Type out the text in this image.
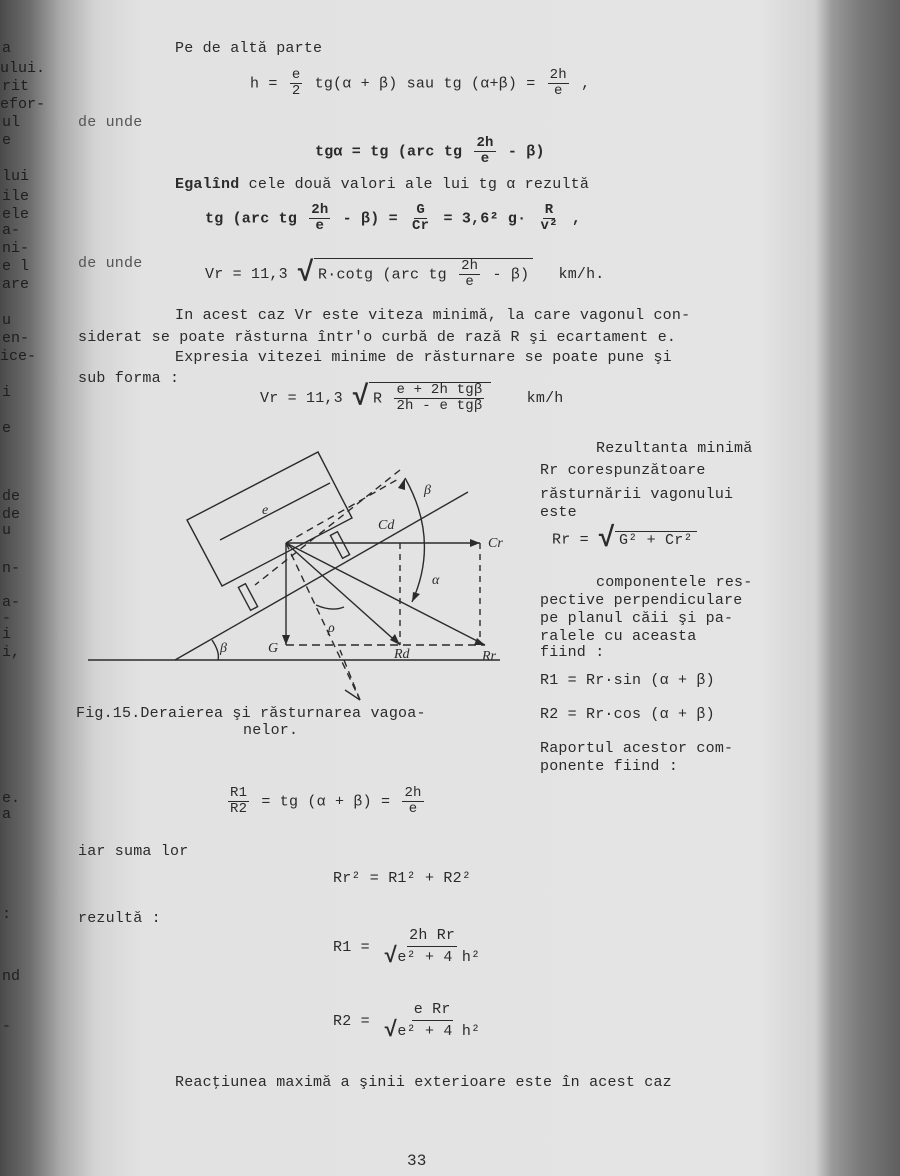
a
ului.
rit
efor-
ul
e
lui
ile
ele
a-
ni-
e l
are
u
en-
ice-
i
e
de
de
u
n-
a-
-
i
i,
e.
a
:
nd
-
Pe de altă parte
$h = \frac{e}{2} tg(\alpha + \beta)$ sau tg $(\alpha+\beta) = \frac{2h}{e}$ ,
de unde
tgα = tg (arc tg $\frac{2h}{e} - \beta$)
Egalînd cele două valori ale lui tg α rezultă
tg (arc tg $\frac{2h}{e} - \beta) = \frac{G}{Cr} = 3,6^2$ $g\cdot \frac{R}{\text{v²}}$ ,
de unde
Vr = 11,3 √ R·cotg (arc tg $\frac{2h}{e} - \beta$) km/h.
In acest caz Vr este viteza minimă, la care vagonul con-
siderat se poate răsturna într'o curbă de rază R şi ecartament e.
Expresia vitezei minime de răsturnare se poate pune şi
sub forma :
Vr = 11,3 √ R $\frac{\text{e + 2h tgβ}}{\text{2h - e tgβ}}$	km/h
Rezultanta minimă
Rr corespunzătoare
răsturnării vagonului
este
Rr = √ G² + Cr²
componentele res-
pective perpendiculare
pe planul căii şi pa-
ralele cu aceasta
fiind :
R1 = Rr·sin (α + β)
R2 = Rr·cos (α + β)
Raportul acestor com-
ponente fiind :
e
Cd
Cr
β
α
ρ
G	Rd	Rr
β
Fig.15.Deraierea şi răsturnarea vagoa-
nelor.
$\frac{R1}{R2}$ = tg $(\alpha + \beta) = \frac{2h}{e}$
iar suma lor
Rr² = R1² + R2²
rezultă :
$R1 = \frac{\text{2h Rr}}{\text{√e² + 4 h²}}$
$R2 = \frac{\text{e Rr}}{\text{√e² + 4 h²}}$
Reacţiunea maximă a şinii exterioare este în acest caz
33
